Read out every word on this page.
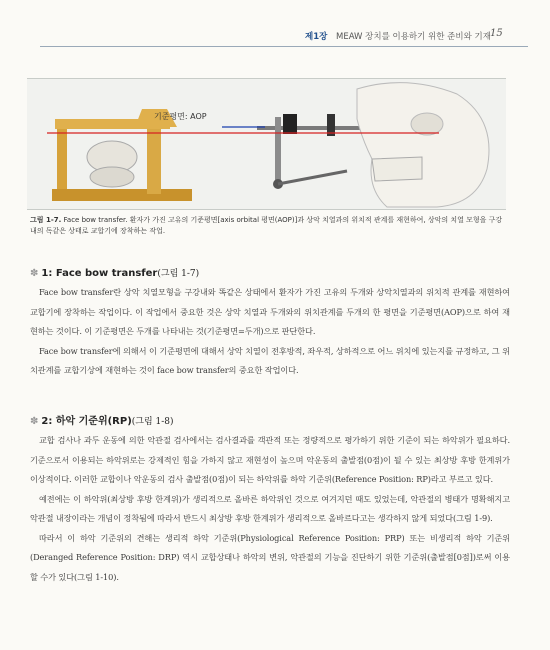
제1장 MEAW 장치를 이용하기 위한 준비와 기재 15
기준평면: AOP
그림 1-7. Face bow transfer. 환자가 가진 고유의 기준평면[axis orbital 평면(AOP)]과 상악 치열과의 위치적 관계를 재현하여, 상악의 치열 모형을 구강내의 독같은 상태로 교합기에 장착하는 작업.
✽ 1: Face bow transfer(그림 1-7)

Face bow transfer란 상악 치열모형을 구강내와 똑같은 상태에서 환자가 가진 고유의 두개와 상악치열과의 위치적 관계를 재현하여 교합기에 장착하는 작업이다. 이 작업에서 중요한 것은 상악 치열과 두개와의 위치관계를 두개의 한 평면을 기준평면(AOP)으로 하여 재현하는 것이다. 이 기준평면은 두개를 나타내는 것(기준평면=두개)으로 판단한다.

Face bow transfer에 의해서 이 기준평면에 대해서 상악 치열이 전후방적, 좌우적, 상하적으로 어느 위치에 있는지를 규정하고, 그 위치관계를 교합기상에 재현하는 것이 face bow transfer의 중요한 작업이다.

✽ 2: 하악 기준위(RP)(그림 1-8)

교합 검사나 과두 운동에 의한 악관절 검사에서는 검사결과를 객관적 또는 정량적으로 평가하기 위한 기준이 되는 하악위가 필요하다. 기준으로서 이용되는 하악위로는 강제적인 힘을 가하지 않고 재현성이 높으며 악운동의 출발점(0점)이 될 수 있는 최상방 후방 한계위가 이상적이다. 이러한 교합이나 악운동의 검사 출발점(0점)이 되는 하악위를 하악 기준위(Reference Position: RP)라고 부르고 있다.

예전에는 이 하악위(최상방 후방 한계위)가 생리적으로 올바른 하악위인 것으로 여겨지던 때도 있었는데, 악관절의 병태가 명확해지고 악관절 내장이라는 개념이 정착됨에 따라서 반드시 최상방 후방 한계위가 생리적으로 올바르다고는 생각하지 않게 되었다(그림 1-9).

따라서 이 하악 기준위의 견해는 생리적 하악 기준위(Physiological Reference Position: PRP) 또는 비생리적 하악 기준위(Deranged Reference Position: DRP) 역시 교합상태나 하악의 변위, 악관절의 기능을 진단하기 위한 기준위(출발점[0점])로써 이용할 수가 있다(그림 1-10).
